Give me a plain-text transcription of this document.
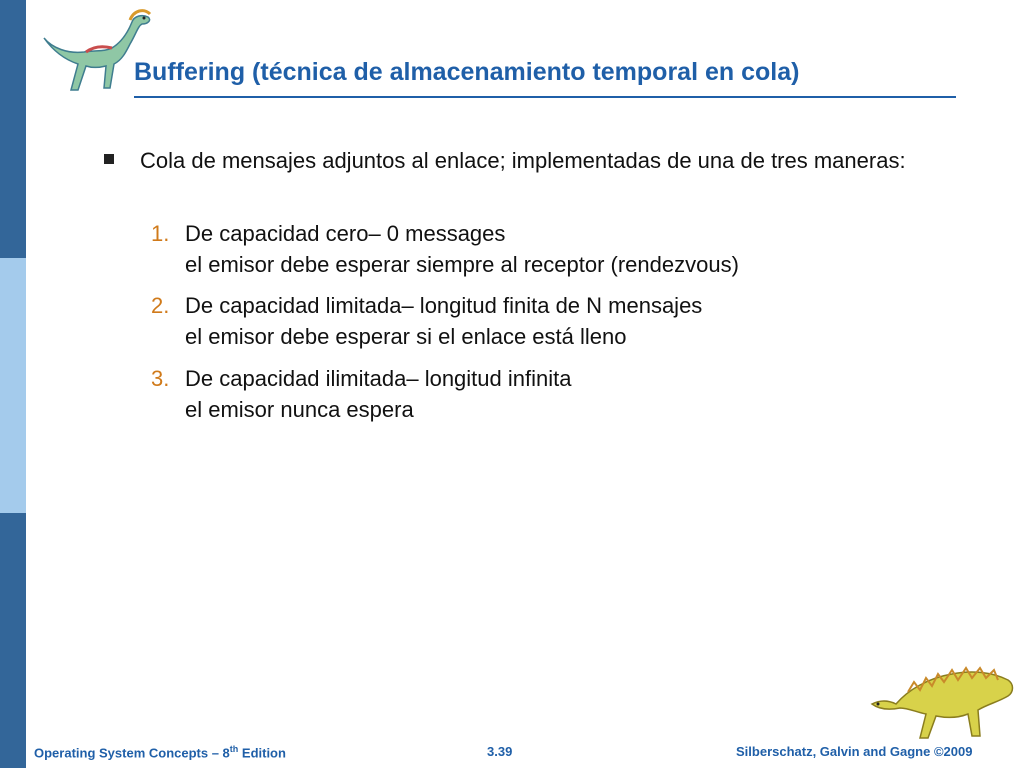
Buffering (técnica de almacenamiento temporal en cola)

Cola de mensajes adjuntos al enlace; implementadas de una de tres maneras:

1. De capacidad cero– 0 messages
el emisor debe esperar siempre al receptor (rendezvous)
2. De capacidad limitada– longitud finita de N mensajes
el emisor debe esperar si el enlace está lleno
3. De capacidad ilimitada– longitud infinita
el emisor nunca espera
Operating System Concepts – 8th Edition	3.39	Silberschatz, Galvin and Gagne ©2009
